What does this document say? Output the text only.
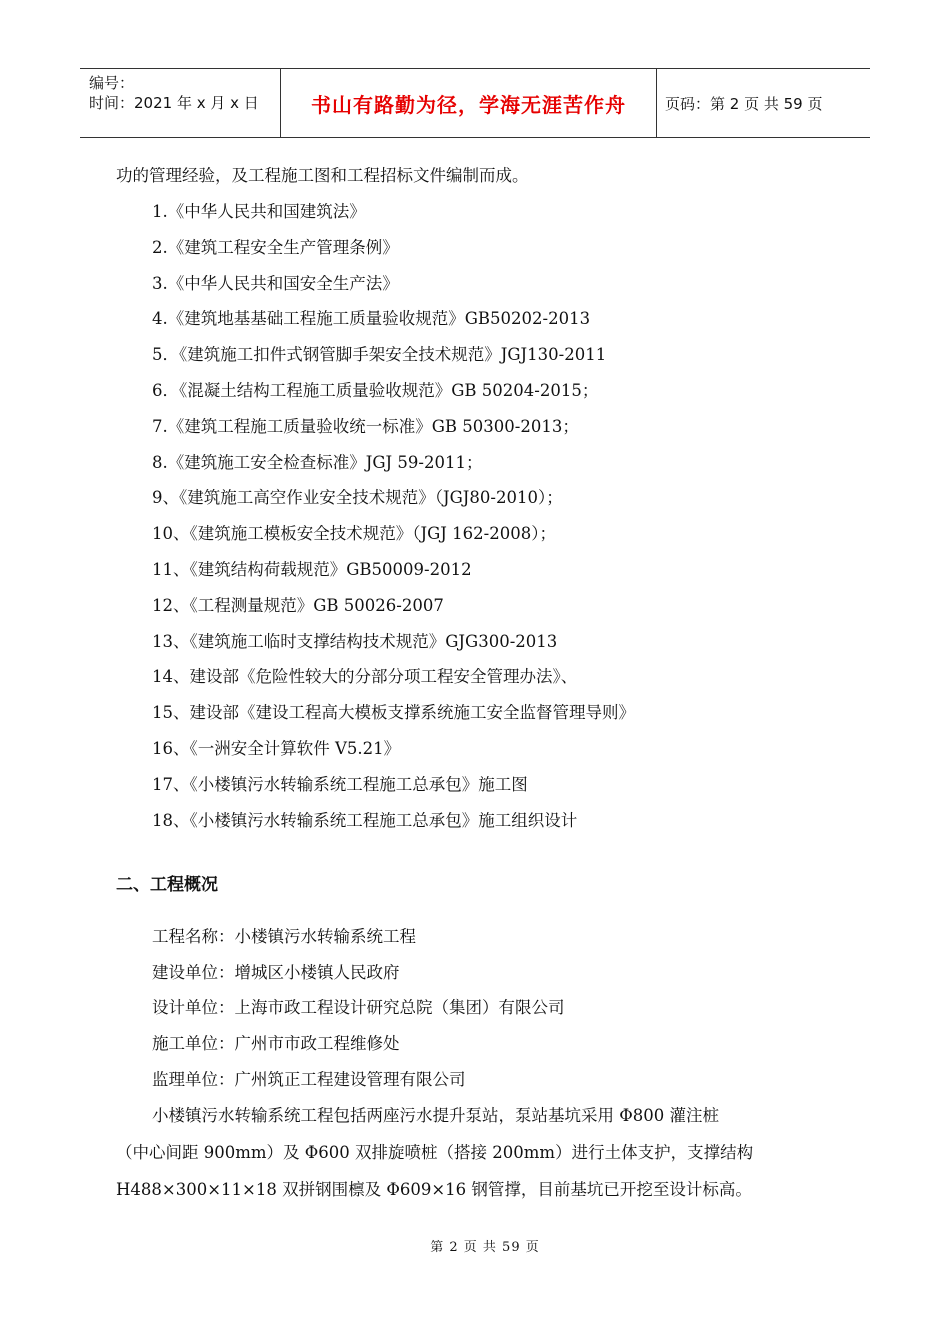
编号：
时间：2021 年 x 月 x 日	书山有路勤为径，学海无涯苦作舟	页码：第 2 页 共 59 页
功的管理经验，及工程施工图和工程招标文件编制而成。
1.《中华人民共和国建筑法》
2.《建筑工程安全生产管理条例》
3.《中华人民共和国安全生产法》
4.《建筑地基基础工程施工质量验收规范》GB50202-2013
5．《建筑施工扣件式钢管脚手架安全技术规范》JGJ130-2011
6．《混凝土结构工程施工质量验收规范》GB 50204-2015；
7.《建筑工程施工质量验收统一标准》GB 50300-2013；
8.《建筑施工安全检查标准》JGJ 59-2011；
9、《建筑施工高空作业安全技术规范》（JGJ80-2010）；
10、《建筑施工模板安全技术规范》（JGJ 162-2008）；
11、《建筑结构荷载规范》GB50009-2012
12、《工程测量规范》GB 50026-2007
13、《建筑施工临时支撑结构技术规范》GJG300-2013
14、建设部《危险性较大的分部分项工程安全管理办法》、
15、建设部《建设工程高大模板支撑系统施工安全监督管理导则》
16、《一洲安全计算软件 V5.21》
17、《小楼镇污水转输系统工程施工总承包》施工图
18、《小楼镇污水转输系统工程施工总承包》施工组织设计
二、工程概况
工程名称：小楼镇污水转输系统工程
建设单位：增城区小楼镇人民政府
设计单位：上海市政工程设计研究总院（集团）有限公司
施工单位：广州市市政工程维修处
监理单位：广州筑正工程建设管理有限公司
小楼镇污水转输系统工程包括两座污水提升泵站，泵站基坑采用 Φ800 灌注桩
（中心间距 900mm）及 Φ600 双排旋喷桩（搭接 200mm）进行土体支护，支撑结构
H488×300×11×18 双拼钢围檩及 Φ609×16 钢管撑，目前基坑已开挖至设计标高。
第 2 页 共 59 页
